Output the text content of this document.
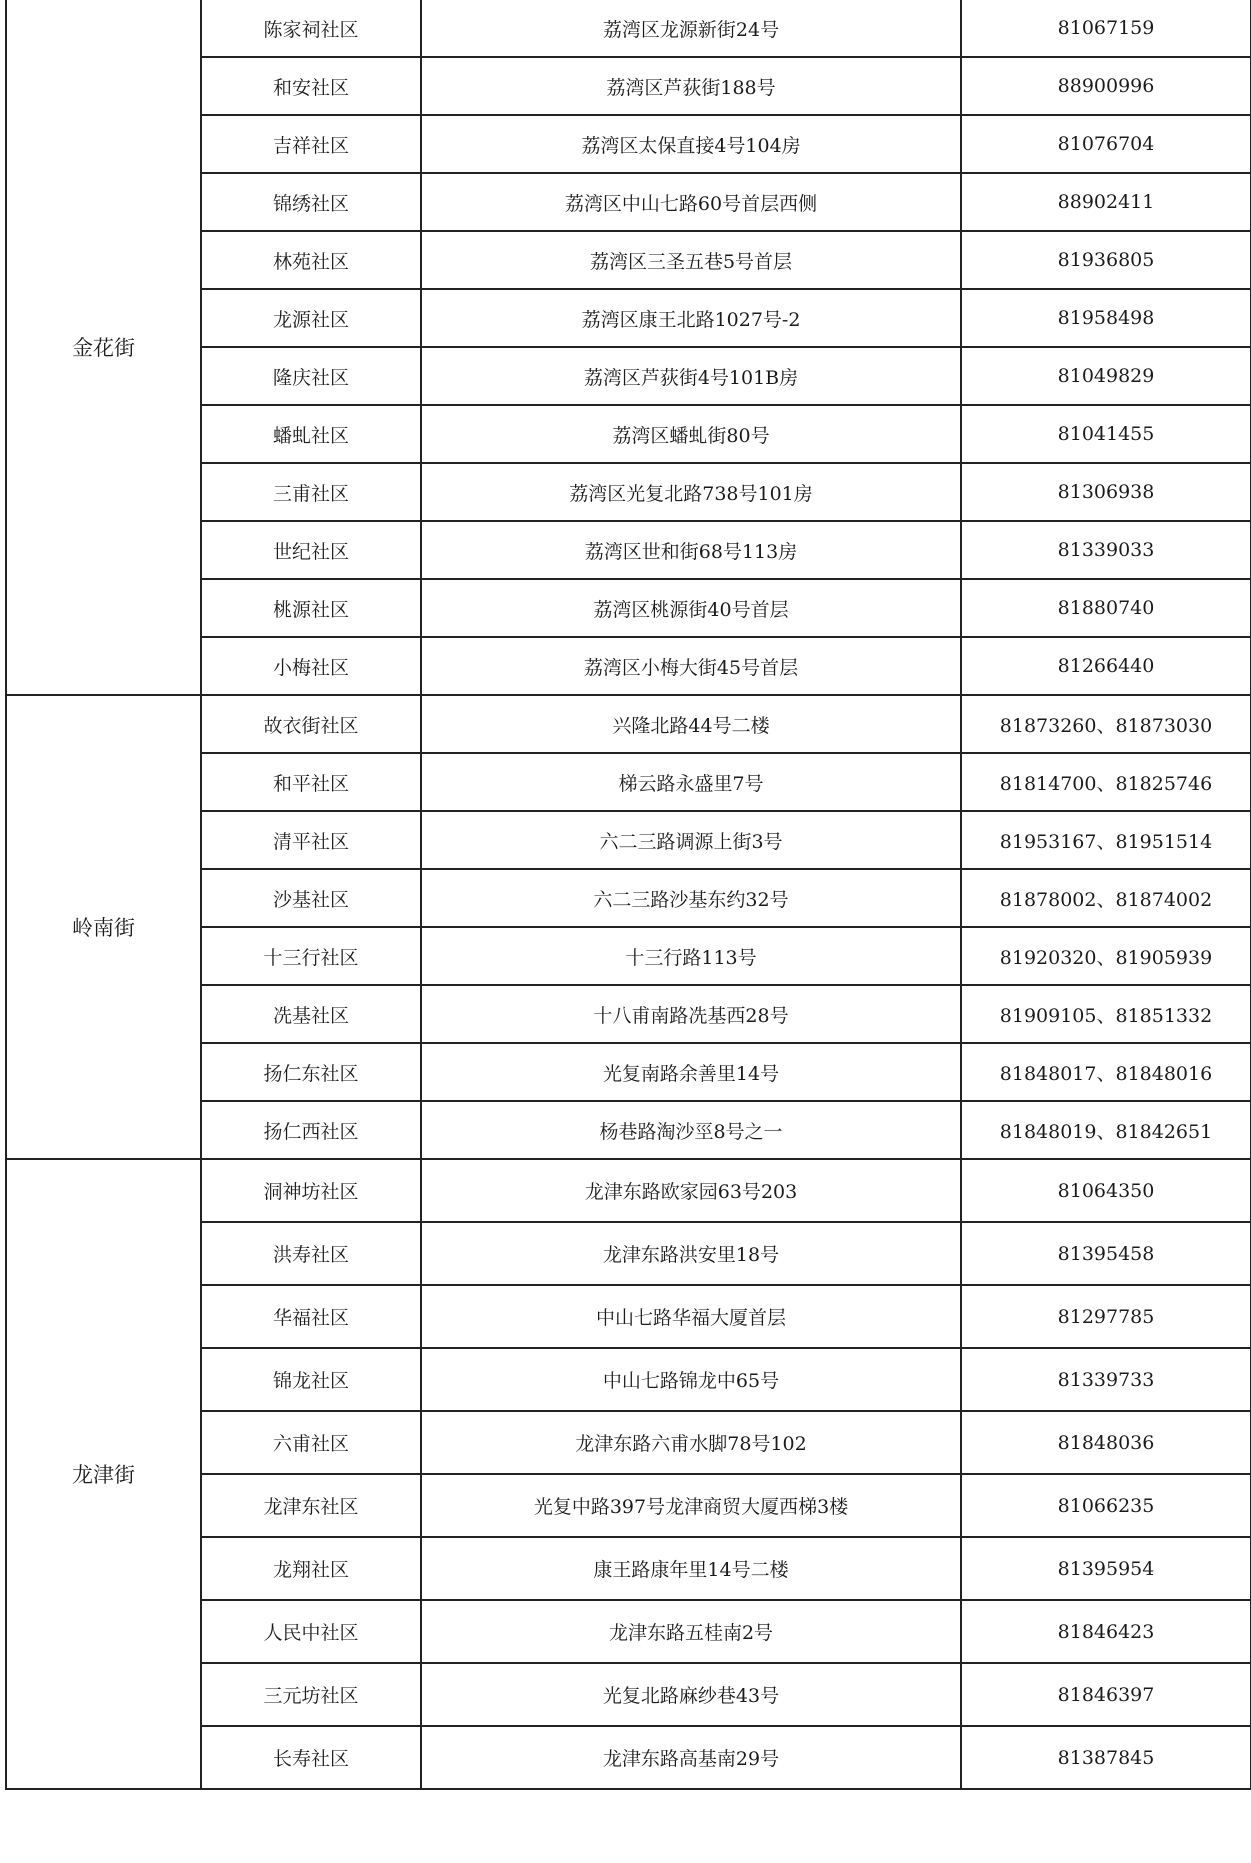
金花街	陈家祠社区	荔湾区龙源新街24号	81067159
	和安社区	荔湾区芦荻街188号	88900996
	吉祥社区	荔湾区太保直接4号104房	81076704
	锦绣社区	荔湾区中山七路60号首层西侧	88902411
	林苑社区	荔湾区三圣五巷5号首层	81936805
	龙源社区	荔湾区康王北路1027号-2	81958498
	隆庆社区	荔湾区芦荻街4号101B房	81049829
	蟠虬社区	荔湾区蟠虬街80号	81041455
	三甫社区	荔湾区光复北路738号101房	81306938
	世纪社区	荔湾区世和街68号113房	81339033
	桃源社区	荔湾区桃源街40号首层	81880740
	小梅社区	荔湾区小梅大街45号首层	81266440
岭南街	故衣街社区	兴隆北路44号二楼	81873260、81873030
	和平社区	梯云路永盛里7号	81814700、81825746
	清平社区	六二三路调源上街3号	81953167、81951514
	沙基社区	六二三路沙基东约32号	81878002、81874002
	十三行社区	十三行路113号	81920320、81905939
	冼基社区	十八甫南路冼基西28号	81909105、81851332
	扬仁东社区	光复南路余善里14号	81848017、81848016
	扬仁西社区	杨巷路淘沙巠8号之一	81848019、81842651
龙津街	洞神坊社区	龙津东路欧家园63号203	81064350
	洪寿社区	龙津东路洪安里18号	81395458
	华福社区	中山七路华福大厦首层	81297785
	锦龙社区	中山七路锦龙中65号	81339733
	六甫社区	龙津东路六甫水脚78号102	81848036
	龙津东社区	光复中路397号龙津商贸大厦西梯3楼	81066235
	龙翔社区	康王路康年里14号二楼	81395954
	人民中社区	龙津东路五桂南2号	81846423
	三元坊社区	光复北路麻纱巷43号	81846397
	长寿社区	龙津东路高基南29号	81387845
